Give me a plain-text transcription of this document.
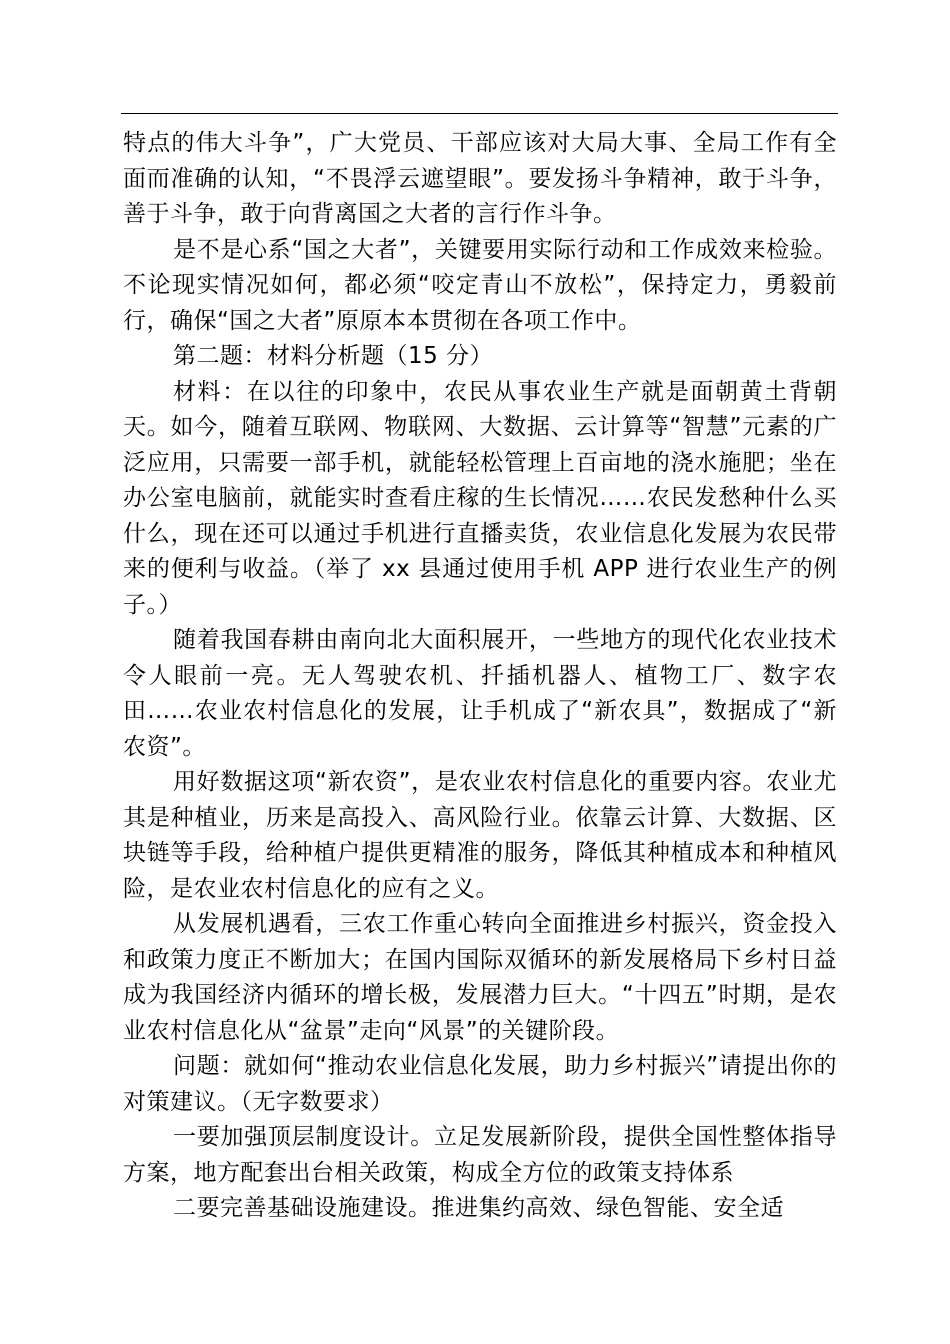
特点的伟大斗争”，广大党员、干部应该对大局大事、全局工作有全面而准确的认知，“不畏浮云遮望眼”。要发扬斗争精神，敢于斗争，善于斗争，敢于向背离国之大者的言行作斗争。

是不是心系“国之大者”，关键要用实际行动和工作成效来检验。不论现实情况如何，都必须“咬定青山不放松”，保持定力，勇毅前行，确保“国之大者”原原本本贯彻在各项工作中。

第二题：材料分析题（15 分）

材料：在以往的印象中，农民从事农业生产就是面朝黄土背朝天。如今，随着互联网、物联网、大数据、云计算等“智慧”元素的广泛应用，只需要一部手机，就能轻松管理上百亩地的浇水施肥；坐在办公室电脑前，就能实时查看庄稼的生长情况……农民发愁种什么买什么，现在还可以通过手机进行直播卖货，农业信息化发展为农民带来的便利与收益。（举了 xx 县通过使用手机 APP 进行农业生产的例子。）

随着我国春耕由南向北大面积展开，一些地方的现代化农业技术令人眼前一亮。无人驾驶农机、扦插机器人、植物工厂、数字农田……农业农村信息化的发展，让手机成了“新农具”，数据成了“新农资”。

用好数据这项“新农资”，是农业农村信息化的重要内容。农业尤其是种植业，历来是高投入、高风险行业。依靠云计算、大数据、区块链等手段，给种植户提供更精准的服务，降低其种植成本和种植风险，是农业农村信息化的应有之义。

从发展机遇看，三农工作重心转向全面推进乡村振兴，资金投入和政策力度正不断加大；在国内国际双循环的新发展格局下乡村日益成为我国经济内循环的增长极，发展潜力巨大。“十四五”时期，是农业农村信息化从“盆景”走向“风景”的关键阶段。

问题：就如何“推动农业信息化发展，助力乡村振兴”请提出你的对策建议。（无字数要求）

一要加强顶层制度设计。立足发展新阶段，提供全国性整体指导方案，地方配套出台相关政策，构成全方位的政策支持体系

二要完善基础设施建设。推进集约高效、绿色智能、安全适
